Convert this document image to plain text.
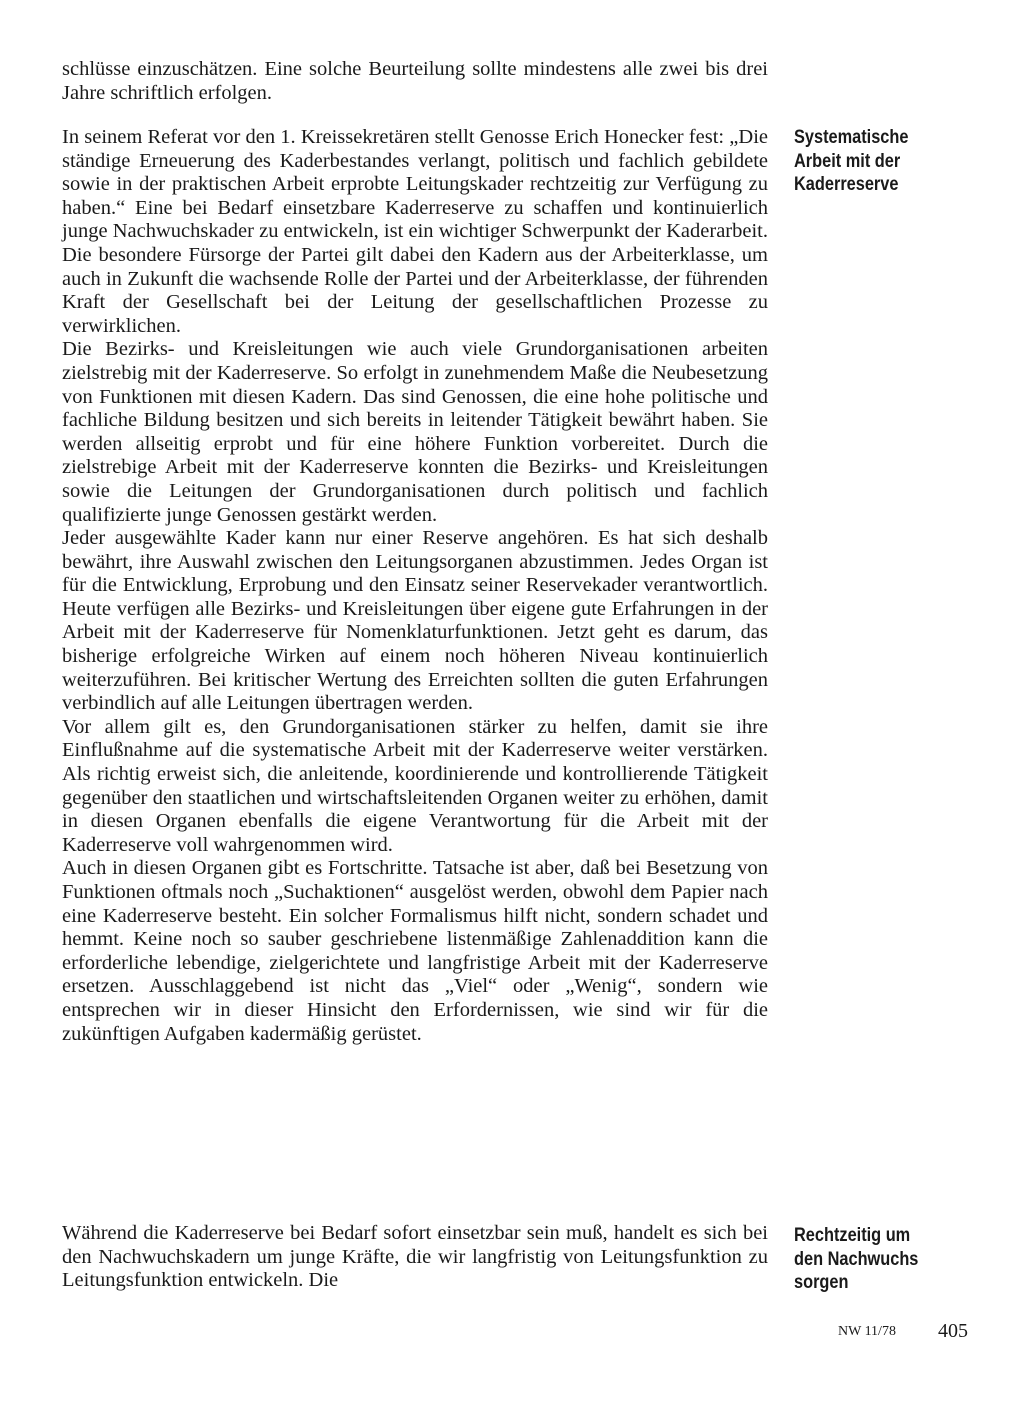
schlüsse einzuschätzen. Eine solche Beurteilung sollte mindestens alle zwei bis drei Jahre schriftlich erfolgen.

In seinem Referat vor den 1. Kreissekretären stellt Genosse Erich Honecker fest: „Die ständige Erneuerung des Kaderbestandes verlangt, politisch und fachlich gebildete sowie in der praktischen Arbeit erprobte Leitungskader rechtzeitig zur Verfügung zu haben.“ Eine bei Bedarf einsetzbare Kaderreserve zu schaffen und kontinuierlich junge Nachwuchskader zu entwickeln, ist ein wichtiger Schwerpunkt der Kaderarbeit. Die besondere Fürsorge der Partei gilt dabei den Kadern aus der Arbeiterklasse, um auch in Zukunft die wachsende Rolle der Partei und der Arbeiterklasse, der führenden Kraft der Gesellschaft bei der Leitung der gesellschaftlichen Prozesse zu verwirklichen.

Die Bezirks- und Kreisleitungen wie auch viele Grundorganisationen arbeiten zielstrebig mit der Kaderreserve. So erfolgt in zunehmendem Maße die Neubesetzung von Funktionen mit diesen Kadern. Das sind Genossen, die eine hohe politische und fachliche Bildung besitzen und sich bereits in leitender Tätigkeit bewährt haben. Sie werden allseitig erprobt und für eine höhere Funktion vorbereitet. Durch die zielstrebige Arbeit mit der Kaderreserve konnten die Bezirks- und Kreisleitungen sowie die Leitungen der Grundorganisationen durch politisch und fachlich qualifizierte junge Genossen gestärkt werden.

Jeder ausgewählte Kader kann nur einer Reserve angehören. Es hat sich deshalb bewährt, ihre Auswahl zwischen den Leitungsorganen abzustimmen. Jedes Organ ist für die Entwicklung, Erprobung und den Einsatz seiner Reservekader verantwortlich. Heute verfügen alle Bezirks- und Kreisleitungen über eigene gute Erfahrungen in der Arbeit mit der Kaderreserve für Nomenklaturfunktionen. Jetzt geht es darum, das bisherige erfolgreiche Wirken auf einem noch höheren Niveau kontinuierlich weiterzuführen. Bei kritischer Wertung des Erreichten sollten die guten Erfahrungen verbindlich auf alle Leitungen übertragen werden.

Vor allem gilt es, den Grundorganisationen stärker zu helfen, damit sie ihre Einflußnahme auf die systematische Arbeit mit der Kaderreserve weiter verstärken. Als richtig erweist sich, die anleitende, koordinierende und kontrollierende Tätigkeit gegenüber den staatlichen und wirtschaftsleitenden Organen weiter zu erhöhen, damit in diesen Organen ebenfalls die eigene Verantwortung für die Arbeit mit der Kaderreserve voll wahrgenommen wird.

Auch in diesen Organen gibt es Fortschritte. Tatsache ist aber, daß bei Besetzung von Funktionen oftmals noch „Suchaktionen“ ausgelöst werden, obwohl dem Papier nach eine Kaderreserve besteht. Ein solcher Formalismus hilft nicht, sondern schadet und hemmt. Keine noch so sauber geschriebene listenmäßige Zahlenaddition kann die erforderliche lebendige, zielgerichtete und langfristige Arbeit mit der Kaderreserve ersetzen. Ausschlaggebend ist nicht das „Viel“ oder „Wenig“, sondern wie entsprechen wir in dieser Hinsicht den Erfordernissen, wie sind wir für die zukünftigen Aufgaben kadermäßig gerüstet.

Während die Kaderreserve bei Bedarf sofort einsetzbar sein muß, handelt es sich bei den Nachwuchskadern um junge Kräfte, die wir langfristig von Leitungsfunktion zu Leitungsfunktion entwickeln. Die

Systematische Arbeit mit der Kaderreserve
Rechtzeitig um den Nachwuchs sorgen
NW 11/78 405
